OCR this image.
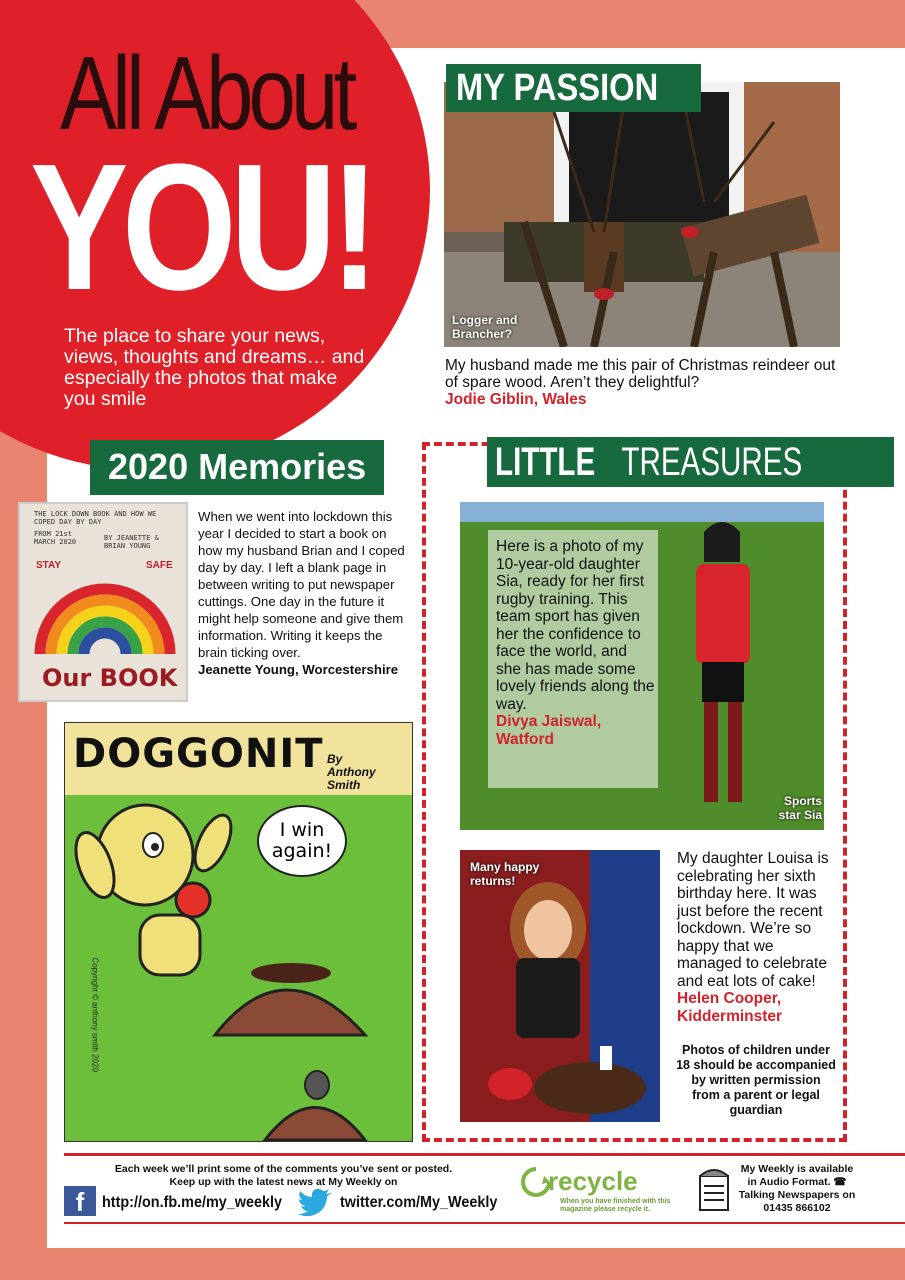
All About
YOU!
The place to share your news, views, thoughts and dreams… and especially the photos that make you smile
MY PASSION
Logger and Brancher?
My husband made me this pair of Christmas reindeer out of spare wood. Aren’t they delightful?
Jodie Giblin, Wales
2020 Memories
THE LOCK DOWN BOOK AND HOW WE COPED DAY BY DAY
FROM 21st MARCH 2020	BY JEANETTE & BRIAN YOUNG
STAY	SAFE
Our BOOK
When we went into lockdown this year I decided to start a book on how my husband Brian and I coped day by day. I left a blank page in between writing to put newspaper cuttings. One day in the future it might help someone and give them information. Writing it keeps the brain ticking over.
Jeanette Young, Worcestershire
DOGGONIT By
Anthony Smith
I win again!
Copyright © anthony smith 2020
LITTLE TREASURES
Here is a photo of my 10-year-old daughter Sia, ready for her first rugby training. This team sport has given her the confidence to face the world, and she has made some lovely friends along the way.
Divya Jaiswal, Watford
Sports star Sia
Many happy returns!
My daughter Louisa is celebrating her sixth birthday here. It was just before the recent lockdown. We’re so happy that we managed to celebrate and eat lots of cake!
Helen Cooper, Kidderminster
Photos of children under 18 should be accompanied by written permission from a parent or legal guardian
Each week we’ll print some of the comments you’ve sent or posted. Keep up with the latest news at My Weekly on
f	http://on.fb.me/my_weekly	twitter.com/My_Weekly
recycle
When you have finished with this magazine please recycle it.
My Weekly is available in Audio Format. ☎ Talking Newspapers on 01435 866102
